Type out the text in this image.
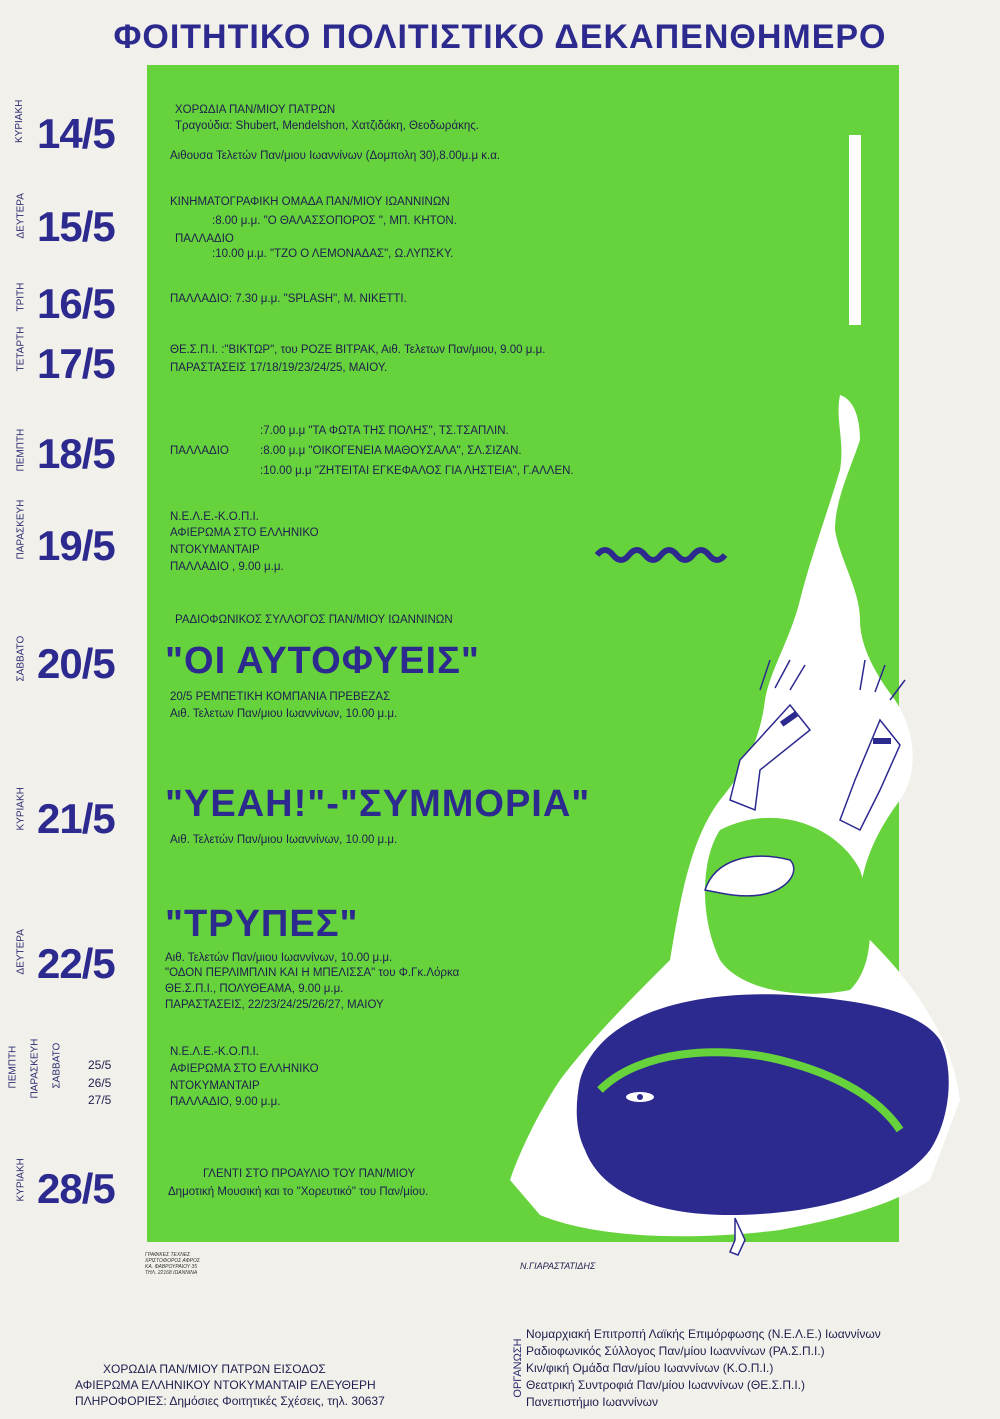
ΦΟΙΤΗΤΙΚΟ ΠΟΛΙΤΙΣΤΙΚΟ ΔΕΚΑΠΕΝΘΗΜΕΡΟ
ΚΥΡΙΑΚΗ
ΔΕΥΤΕΡΑ
ΤΡΙΤΗ
ΤΕΤΑΡΤΗ
ΠΕΜΠΤΗ
ΠΑΡΑΣΚΕΥΗ
ΣΑΒΒΑΤΟ
ΚΥΡΙΑΚΗ
ΔΕΥΤΕΡΑ
ΠΕΜΠΤΗ ΠΑΡΑΣΚΕΥΗ ΣΑΒΒΑΤΟ
ΚΥΡΙΑΚΗ
14/5
15/5
16/5
17/5
18/5
19/5
20/5
21/5
22/5
25/5
26/5
27/5
28/5
ΧΟΡΩΔΙΑ ΠΑΝ/ΜΙΟΥ ΠΑΤΡΩΝ
Τραγούδια: Shubert, Mendelshon, Χατζιδάκη, Θεοδωράκης.
Αιθουσα Τελετών Παν/μιου Ιωαννίνων (Δομπολη 30),8.00μ.μ κ.α.
ΚΙΝΗΜΑΤΟΓΡΑΦΙΚΗ ΟΜΑΔΑ ΠΑΝ/ΜΙΟΥ ΙΩΑΝΝΙΝΩΝ
:8.00 μ.μ. "Ο ΘΑΛΑΣΣΟΠΟΡΟΣ ", ΜΠ. ΚΗΤΟΝ.
ΠΑΛΛΑΔΙΟ
:10.00 μ.μ. "ΤΖΟ Ο ΛΕΜΟΝΑΔΑΣ", Ω.ΛΥΠΣΚΥ.
ΠΑΛΛΑΔΙΟ: 7.30 μ.μ. "SPLASH", Μ. ΝΙΚΕΤΤΙ.
ΘΕ.Σ.Π.Ι. :"ΒΙΚΤΩΡ", του ΡΟΖΕ ΒΙΤΡΑΚ, Αιθ. Τελετων Παν/μιου, 9.00 μ.μ.
ΠΑΡΑΣΤΑΣΕΙΣ 17/18/19/23/24/25, ΜΑΙΟΥ.
:7.00 μ.μ "ΤΑ ΦΩΤΑ ΤΗΣ ΠΟΛΗΣ", ΤΣ.ΤΣΑΠΛΙΝ.
ΠΑΛΛΑΔΙΟ	:8.00 μ.μ "ΟΙΚΟΓΕΝΕΙΑ ΜΑΘΟΥΣΑΛΑ", ΣΛ.ΣΙΖΑΝ.
:10.00 μ.μ "ΖΗΤΕΙΤΑΙ ΕΓΚΕΦΑΛΟΣ ΓΙΑ ΛΗΣΤΕΙΑ", Γ.ΑΛΛΕΝ.
Ν.Ε.Λ.Ε.-Κ.Ο.Π.Ι.
ΑΦΙΕΡΩΜΑ ΣΤΟ ΕΛΛΗΝΙΚΟ
ΝΤΟΚΥΜΑΝΤΑΙΡ
ΠΑΛΛΑΔΙΟ , 9.00 μ.μ.
ΡΑΔΙΟΦΩΝΙΚΟΣ ΣΥΛΛΟΓΟΣ ΠΑΝ/ΜΙΟΥ ΙΩΑΝΝΙΝΩΝ
"ΟΙ ΑΥΤΟΦΥΕΙΣ"
20/5 ΡΕΜΠΕΤΙΚΗ ΚΟΜΠΑΝΙΑ ΠΡΕΒΕΖΑΣ
Αιθ. Τελετων Παν/μιου Ιωαννίνων, 10.00 μ.μ.
"ΥΕΑΗ!"-"ΣΥΜΜΟΡΙΑ"
Αιθ. Τελετών Παν/μιου Ιωαννίνων, 10.00 μ.μ.
"ΤΡΥΠΕΣ"
Αιθ. Τελετών Παν/μιου Ιωαννίνων, 10.00 μ.μ.
"ΟΔΟΝ ΠΕΡΛΙΜΠΛΙΝ ΚΑΙ Η ΜΠΕΛΙΣΣΑ" του Φ.Γκ.Λόρκα
ΘΕ.Σ.Π.Ι., ΠΟΛΥΘΕΑΜΑ, 9.00 μ.μ.
ΠΑΡΑΣΤΑΣΕΙΣ, 22/23/24/25/26/27, ΜΑΙΟΥ
Ν.Ε.Λ.Ε.-Κ.Ο.Π.Ι.
ΑΦΙΕΡΩΜΑ ΣΤΟ ΕΛΛΗΝΙΚΟ
ΝΤΟΚΥΜΑΝΤΑΙΡ
ΠΑΛΛΑΔΙΟ, 9.00 μ.μ.
ΓΛΕΝΤΙ ΣΤΟ ΠΡΟΑΥΛΙΟ ΤΟΥ ΠΑΝ/ΜΙΟΥ
Δημοτική Μουσική και το "Χορευτικό" του Παν/μίου.
ΓΡΑΦΙΚΕΣ ΤΕΧΝΕΣ
ΧΡΙΣΤΟΦΟΡΟΣ ΑΦΡΟΣ
ΚΑ. ΦΑΒΡΟΥΡΑΙΟΥ 35
ΤΗΛ. 22168 ΙΩΑΝΝΙΝΑ
Ν.ΓΙΑΡΑΣΤΑΤΙΔΗΣ
ΧΟΡΩΔΙΑ ΠΑΝ/ΜΙΟΥ ΠΑΤΡΩΝ ΕΙΣΟΔΟΣ
ΑΦΙΕΡΩΜΑ ΕΛΛΗΝΙΚΟΥ ΝΤΟΚΥΜΑΝΤΑΙΡ ΕΛΕΥΘΕΡΗ
ΠΛΗΡΟΦΟΡΙΕΣ: Δημόσιες Φοιτητικές Σχέσεις, τηλ. 30637
ΟΡΓΑΝΩΣΗ
Νομαρχιακή Επιτροπή Λαϊκής Επιμόρφωσης (Ν.Ε.Λ.Ε.) Ιωαννίνων
Ραδιοφωνικός Σύλλογος Παν/μίου Ιωαννίνων (ΡΑ.Σ.Π.Ι.)
Κιν/φική Ομάδα Παν/μίου Ιωαννίνων (Κ.Ο.Π.Ι.)
Θεατρική Συντροφιά Παν/μίου Ιωαννίνων (ΘΕ.Σ.Π.Ι.)
Πανεπιστήμιο Ιωαννίνων
